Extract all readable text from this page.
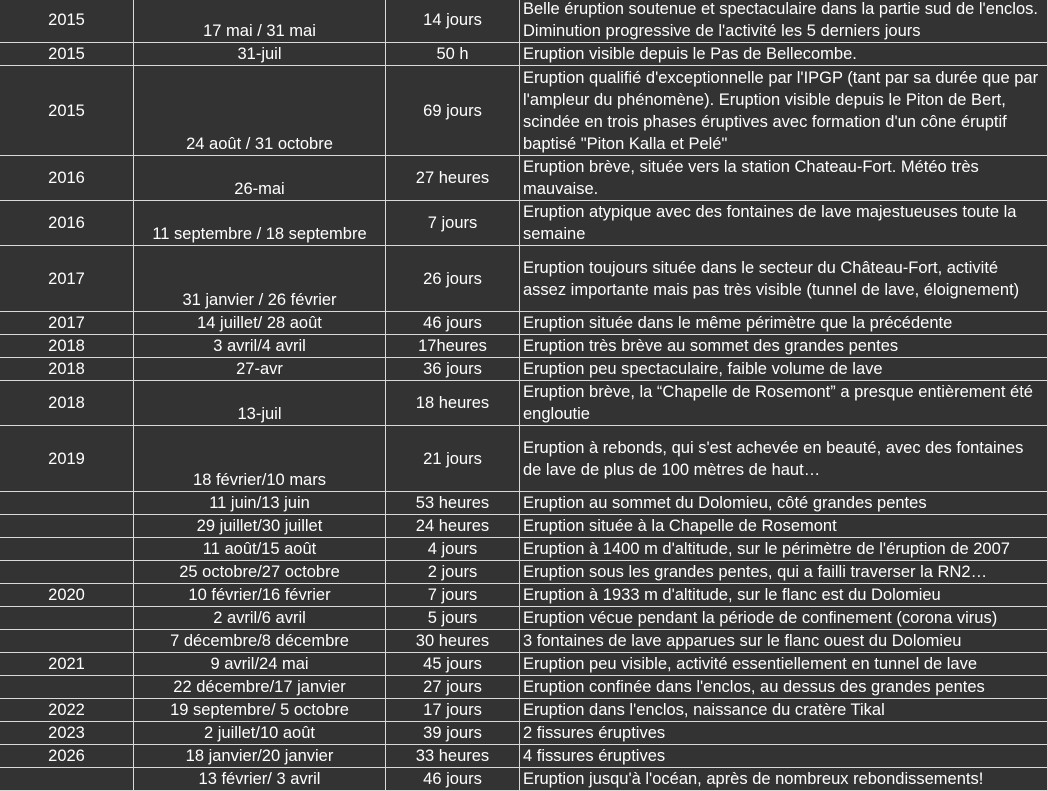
2015	17 mai / 31 mai	14 jours	Belle éruption soutenue et spectaculaire dans la partie sud de l'enclos.
Diminution progressive de l'activité les 5 derniers jours

2015	31-juil	50 h	Eruption visible depuis le Pas de Bellecombe.

2015	24 août / 31 octobre	69 jours	Eruption qualifié d'exceptionnelle par l'IPGP (tant par sa durée que par
l'ampleur du phénomène). Eruption visible depuis le Piton de Bert,
scindée en trois phases éruptives avec formation d'un cône éruptif
baptisé "Piton Kalla et Pelé"

2016	26-mai	27 heures	Eruption brève, située vers la station Chateau-Fort. Météo très
mauvaise.

2016	11 septembre / 18 septembre	7 jours	Eruption atypique avec des fontaines de lave majestueuses toute la
semaine

2017	31 janvier / 26 février	26 jours	Eruption toujours située dans le secteur du Château-Fort, activité
assez importante mais pas très visible (tunnel de lave, éloignement)

2017	14 juillet/ 28 août	46 jours	Eruption située dans le même périmètre que la précédente

2018	3 avril/4 avril	17heures	Eruption très brève au sommet des grandes pentes

2018	27-avr	36 jours	Eruption peu spectaculaire, faible volume de lave

2018	13-juil	18 heures	Eruption brève, la “Chapelle de Rosemont” a presque entièrement été
engloutie

2019	18 février/10 mars	21 jours	Eruption à rebonds, qui s'est achevée en beauté, avec des fontaines
de lave de plus de 100 mètres de haut…

	11 juin/13 juin	53 heures	Eruption au sommet du Dolomieu, côté grandes pentes

	29 juillet/30 juillet	24 heures	Eruption située à la Chapelle de Rosemont

	11 août/15 août	4 jours	Eruption à 1400 m d'altitude, sur le périmètre de l'éruption de 2007

	25 octobre/27 octobre	2 jours	Eruption sous les grandes pentes, qui a failli traverser la RN2…

2020	10 février/16 février	7 jours	Eruption à 1933 m d'altitude, sur le flanc est du Dolomieu

	2 avril/6 avril	5 jours	Eruption vécue pendant la période de confinement (corona virus)

	7 décembre/8 décembre	30 heures	3 fontaines de lave apparues sur le flanc ouest du Dolomieu

2021	9 avril/24 mai	45 jours	Eruption peu visible, activité essentiellement en tunnel de lave

	22 décembre/17 janvier	27 jours	Eruption confinée dans l'enclos, au dessus des grandes pentes

2022	19 septembre/ 5 octobre	17 jours	Eruption dans l'enclos, naissance du cratère Tikal

2023	2 juillet/10 août	39 jours	2 fissures éruptives

2026	18 janvier/20 janvier	33 heures	4 fissures éruptives

	13 février/ 3 avril	46 jours	Eruption jusqu'à l'océan, après de nombreux rebondissements!
